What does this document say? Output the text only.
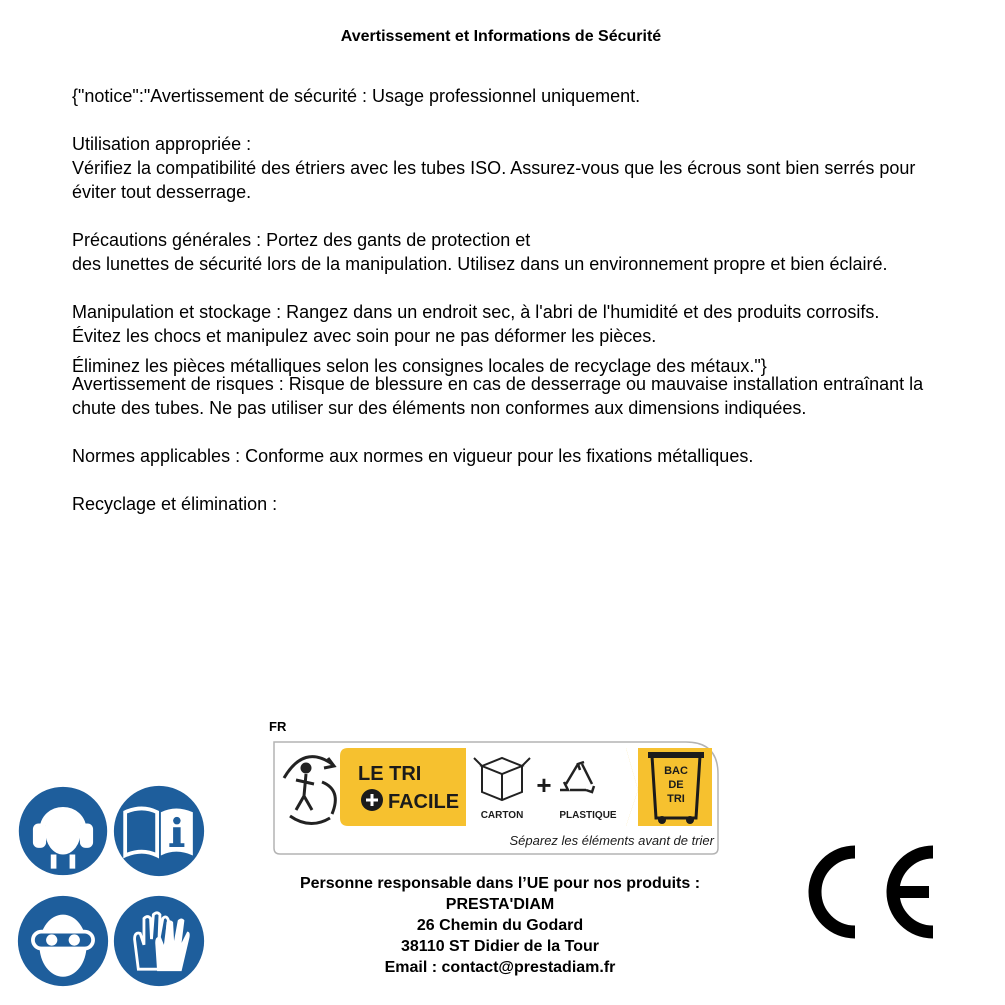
Avertissement et Informations de Sécurité
{"notice":"Avertissement de sécurité : Usage professionnel uniquement.

Utilisation appropriée :
Vérifiez la compatibilité des étriers avec les tubes ISO. Assurez-vous que les écrous sont bien serrés pour éviter tout desserrage.

Précautions générales : Portez des gants de protection et
des lunettes de sécurité lors de la manipulation. Utilisez dans un environnement propre et bien éclairé.

Manipulation et stockage : Rangez dans un endroit sec, à l'abri de l'humidité et des produits corrosifs. Évitez les chocs et manipulez avec soin pour ne pas déformer les pièces.

Avertissement de risques : Risque de blessure en cas de desserrage ou mauvaise installation entraînant la chute des tubes. Ne pas utiliser sur des éléments non conformes aux dimensions indiquées.

Normes applicables : Conforme aux normes en vigueur pour les fixations métalliques.

Recyclage et élimination :
Éliminez les pièces métalliques selon les consignes locales de recyclage des métaux."}
FR
LE TRI
FACILE
CARTON
+
PLASTIQUE
BAC
DE
TRI
Séparez les éléments avant de trier
Personne responsable dans l’UE pour nos produits :
PRESTA'DIAM
26 Chemin du Godard
38110 ST Didier de la Tour
Email : contact@prestadiam.fr
